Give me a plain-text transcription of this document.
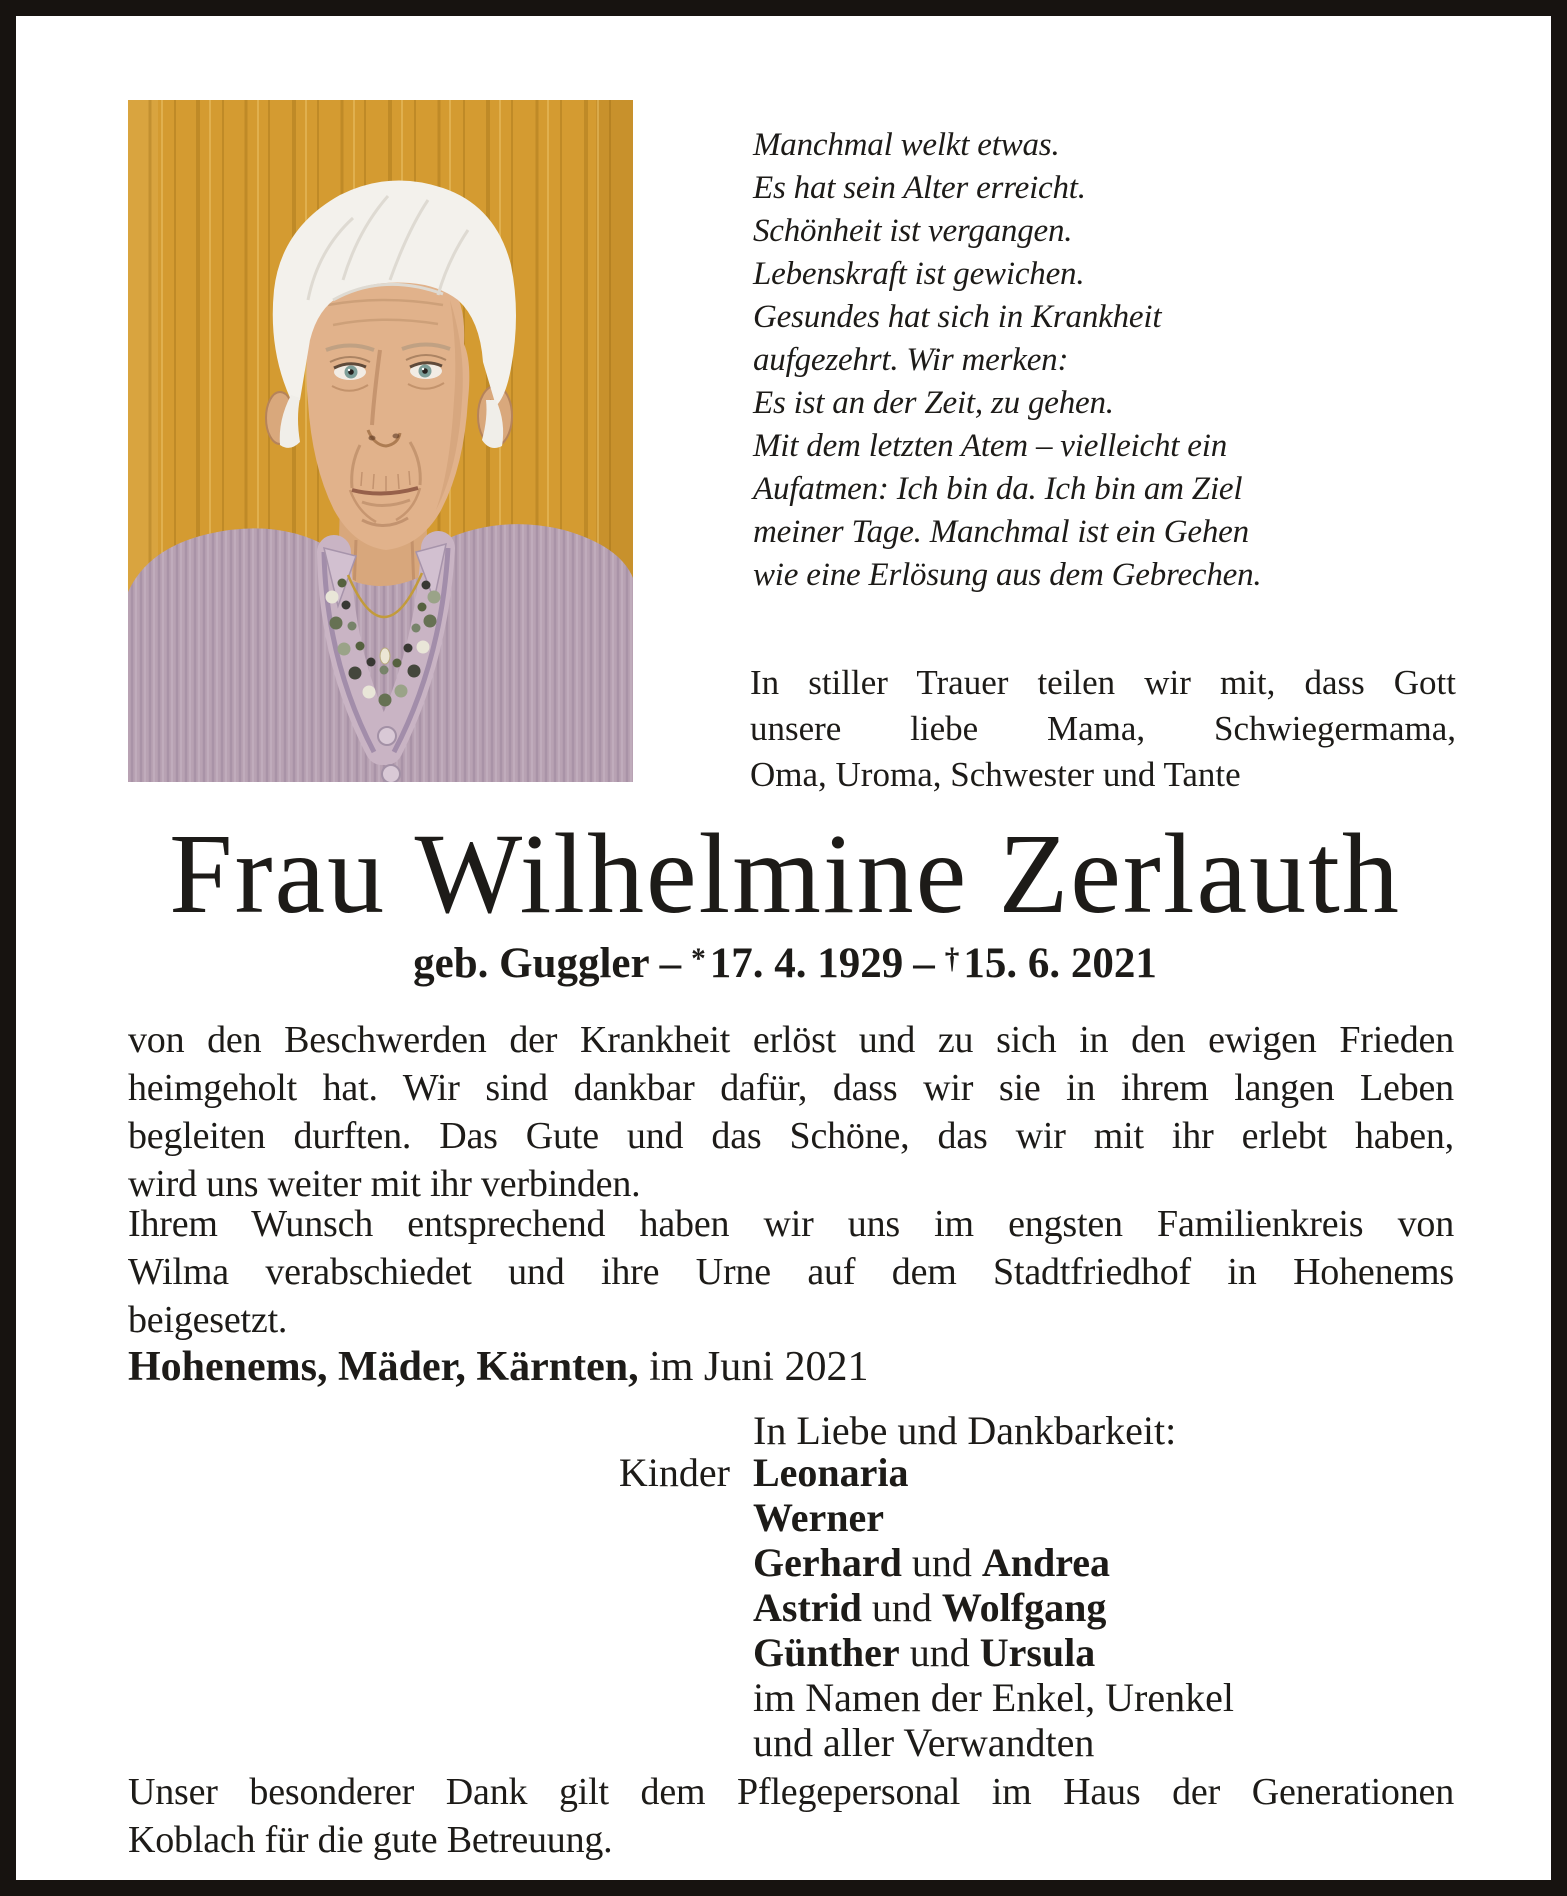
Manchmal welkt etwas.
Es hat sein Alter erreicht.
Schönheit ist vergangen.
Lebenskraft ist gewichen.
Gesundes hat sich in Krankheit
aufgezehrt. Wir merken:
Es ist an der Zeit, zu gehen.
Mit dem letzten Atem – vielleicht ein
Aufatmen: Ich bin da. Ich bin am Ziel
meiner Tage. Manchmal ist ein Gehen
wie eine Erlösung aus dem Gebrechen.
In stiller Trauer teilen wir mit, dass Gott
unsere liebe Mama, Schwiegermama,
Oma, Uroma, Schwester und Tante
Frau Wilhelmine Zerlauth
geb. Guggler – *17. 4. 1929 – †15. 6. 2021
von den Beschwerden der Krankheit erlöst und zu sich in den ewigen Frieden
heimgeholt hat. Wir sind dankbar dafür, dass wir sie in ihrem langen Leben
begleiten durften. Das Gute und das Schöne, das wir mit ihr erlebt haben,
wird uns weiter mit ihr verbinden.
Ihrem Wunsch entsprechend haben wir uns im engsten Familienkreis von
Wilma verabschiedet und ihre Urne auf dem Stadtfriedhof in Hohenems
beigesetzt.
Hohenems, Mäder, Kärnten, im Juni 2021
In Liebe und Dankbarkeit:
Kinder Leonaria
Werner
Gerhard und Andrea
Astrid und Wolfgang
Günther und Ursula
im Namen der Enkel, Urenkel
und aller Verwandten
Unser besonderer Dank gilt dem Pflegepersonal im Haus der Generationen
Koblach für die gute Betreuung.
